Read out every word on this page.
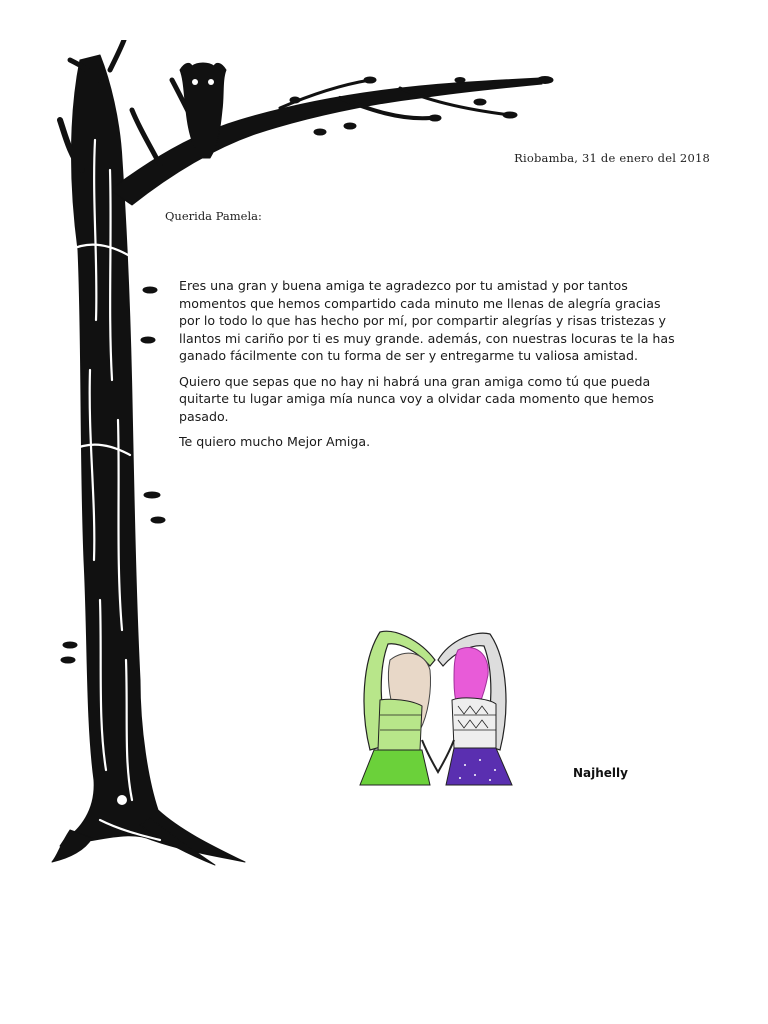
Riobamba, 31 de enero del 2018
Querida Pamela:

Eres una gran y buena amiga te agradezco por tu amistad y por tantos momentos que hemos compartido cada minuto me llenas de alegría gracias por lo todo lo que has hecho por mí, por compartir alegrías y risas tristezas y llantos mi cariño por ti es muy grande. además, con nuestras locuras te la has ganado fácilmente con tu forma de ser y entregarme tu valiosa amistad.

Quiero que sepas que no hay ni habrá una gran amiga como tú que pueda quitarte tu lugar amiga mía nunca voy a olvidar cada momento que hemos pasado.

Te quiero mucho Mejor Amiga.

Najhelly
